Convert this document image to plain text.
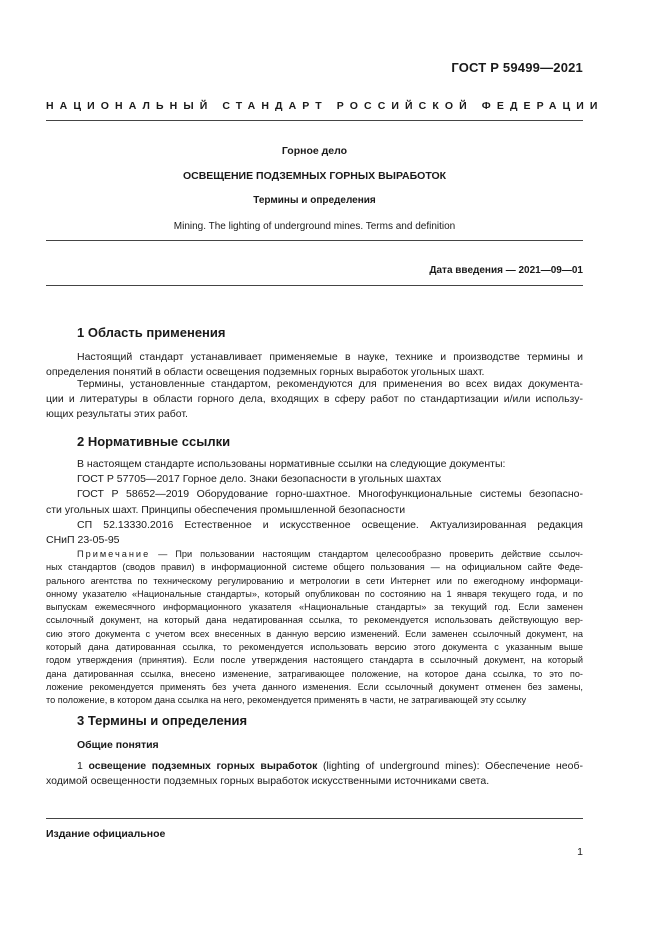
ГОСТ Р 59499—2021
НАЦИОНАЛЬНЫЙ СТАНДАРТ РОССИЙСКОЙ ФЕДЕРАЦИИ
Горное дело
ОСВЕЩЕНИЕ ПОДЗЕМНЫХ ГОРНЫХ ВЫРАБОТОК
Термины и определения
Mining. The lighting of underground mines. Terms and definition
Дата введения — 2021—09—01
1 Область применения
Настоящий стандарт устанавливает применяемые в науке, технике и производстве термины и
определения понятий в области освещения подземных горных выработок угольных шахт.
Термины, установленные стандартом, рекомендуются для применения во всех видах документа-
ции и литературы в области горного дела, входящих в сферу работ по стандартизации и/или использу-
ющих результаты этих работ.
2 Нормативные ссылки
В настоящем стандарте использованы нормативные ссылки на следующие документы:
ГОСТ Р 57705—2017 Горное дело. Знаки безопасности в угольных шахтах
ГОСТ Р 58652—2019 Оборудование горно-шахтное. Многофункциональные системы безопасно-
сти угольных шахт. Принципы обеспечения промышленной безопасности
СП 52.13330.2016 Естественное и искусственное освещение. Актуализированная редакция
СНиП 23-05-95
Примечание — При пользовании настоящим стандартом целесообразно проверить действие ссылоч-
ных стандартов (сводов правил) в информационной системе общего пользования — на официальном сайте Феде-
рального агентства по техническому регулированию и метрологии в сети Интернет или по ежегодному информаци-
онному указателю «Национальные стандарты», который опубликован по состоянию на 1 января текущего года, и по
выпускам ежемесячного информационного указателя «Национальные стандарты» за текущий год. Если заменен
ссылочный документ, на который дана недатированная ссылка, то рекомендуется использовать действующую вер-
сию этого документа с учетом всех внесенных в данную версию изменений. Если заменен ссылочный документ, на
который дана датированная ссылка, то рекомендуется использовать версию этого документа с указанным выше
годом утверждения (принятия). Если после утверждения настоящего стандарта в ссылочный документ, на который
дана датированная ссылка, внесено изменение, затрагивающее положение, на которое дана ссылка, то это по-
ложение рекомендуется применять без учета данного изменения. Если ссылочный документ отменен без замены,
то положение, в котором дана ссылка на него, рекомендуется применять в части, не затрагивающей эту ссылку
3 Термины и определения
Общие понятия
1 освещение подземных горных выработок (lighting of underground mines): Обеспечение необ-
ходимой освещенности подземных горных выработок искусственными источниками света.
Издание официальное
1
